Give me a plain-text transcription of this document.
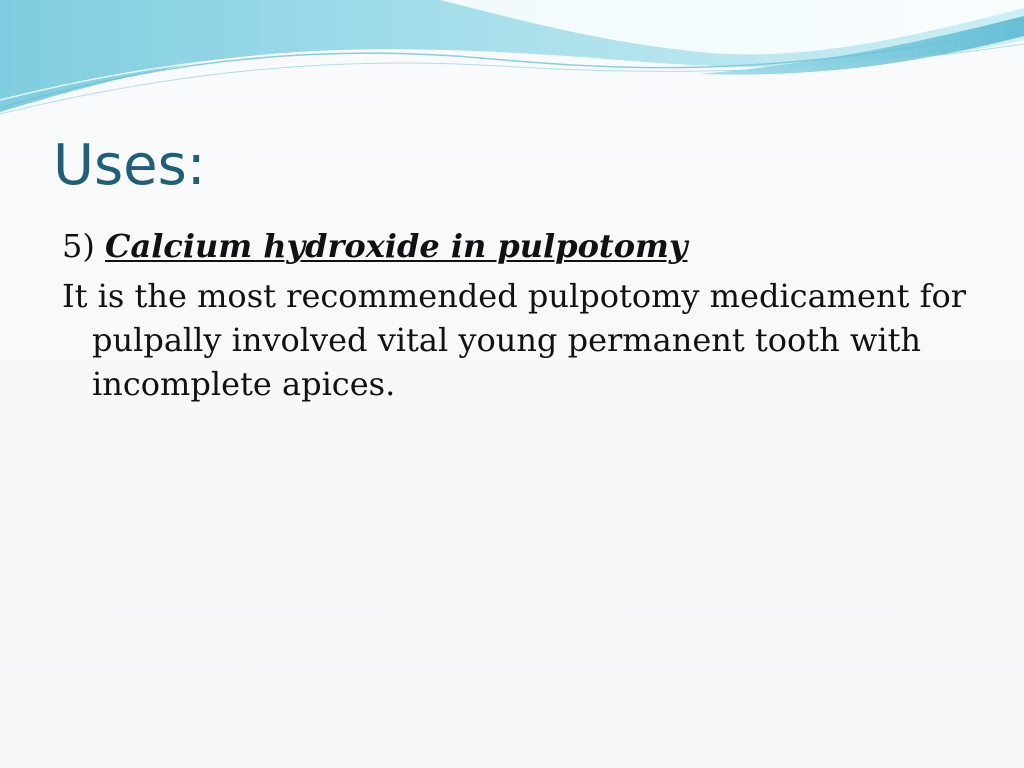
Uses:

5) Calcium hydroxide in pulpotomy

It is the most recommended pulpotomy medicament for pulpally involved vital young permanent tooth with incomplete apices.
